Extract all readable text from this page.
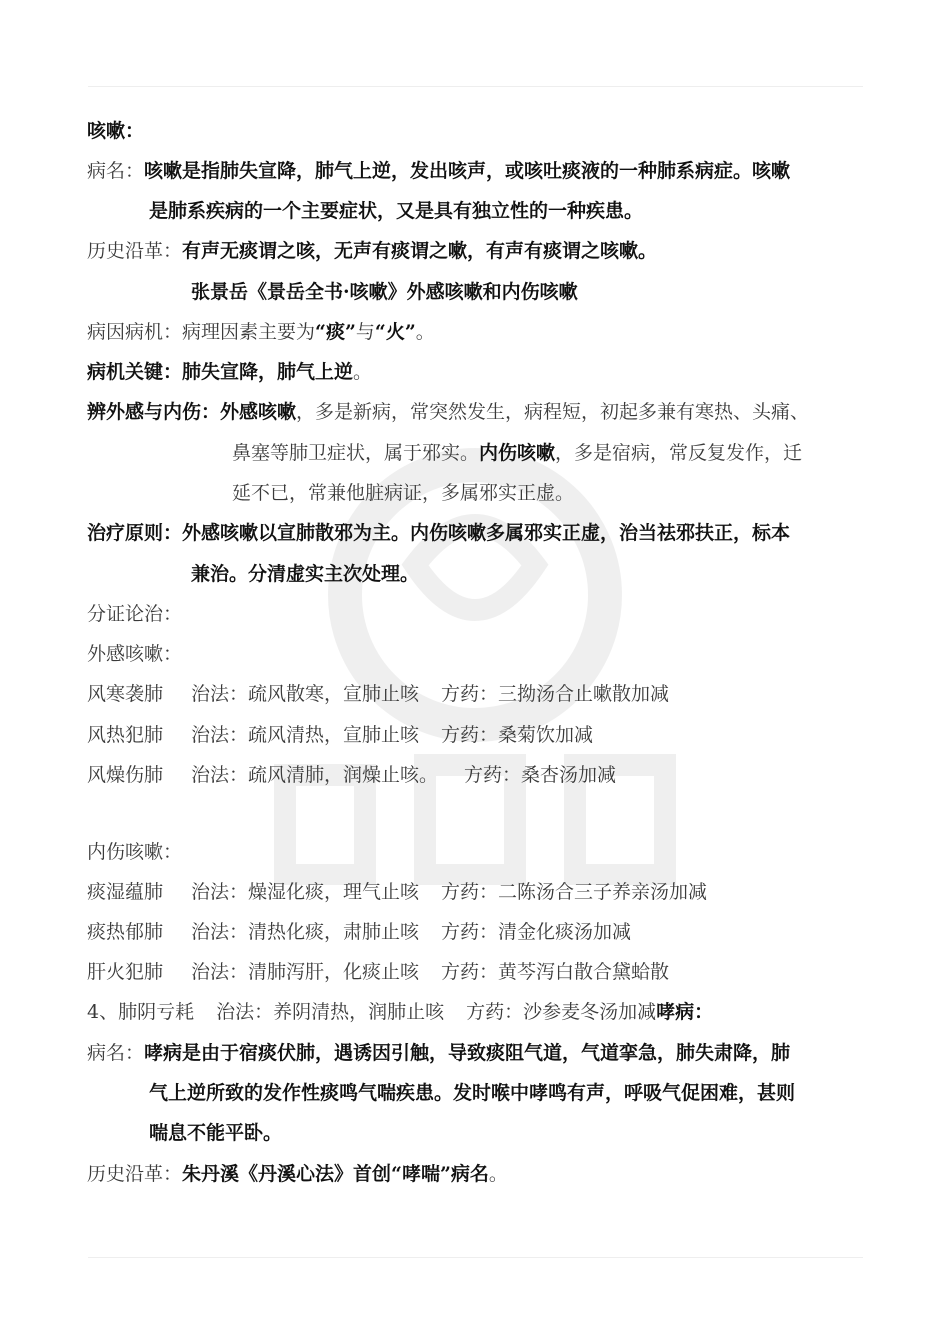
咳嗽：
病名：咳嗽是指肺失宣降，肺气上逆，发出咳声，或咳吐痰液的一种肺系病症。咳嗽
是肺系疾病的一个主要症状，又是具有独立性的一种疾患。
历史沿革：有声无痰谓之咳，无声有痰谓之嗽，有声有痰谓之咳嗽。
张景岳《景岳全书·咳嗽》外感咳嗽和内伤咳嗽
病因病机：病理因素主要为“痰”与“火”。
病机关键：肺失宣降，肺气上逆。
辨外感与内伤：外感咳嗽，多是新病，常突然发生，病程短，初起多兼有寒热、头痛、
鼻塞等肺卫症状，属于邪实。内伤咳嗽，多是宿病，常反复发作，迁
延不已，常兼他脏病证，多属邪实正虚。
治疗原则：外感咳嗽以宣肺散邪为主。内伤咳嗽多属邪实正虚，治当祛邪扶正，标本
兼治。分清虚实主次处理。
分证论治：
外感咳嗽：
风寒袭肺 治法：疏风散寒，宣肺止咳 方药：三拗汤合止嗽散加减
风热犯肺 治法：疏风清热，宣肺止咳 方药：桑菊饮加减
风燥伤肺 治法：疏风清肺，润燥止咳。 方药：桑杏汤加减
内伤咳嗽：
痰湿蕴肺 治法：燥湿化痰，理气止咳 方药：二陈汤合三子养亲汤加减
痰热郁肺 治法：清热化痰，肃肺止咳 方药：清金化痰汤加减
肝火犯肺 治法：清肺泻肝，化痰止咳 方药：黄芩泻白散合黛蛤散
4、肺阴亏耗 治法：养阴清热，润肺止咳 方药：沙参麦冬汤加减哮病：
病名：哮病是由于宿痰伏肺，遇诱因引触，导致痰阻气道，气道挛急，肺失肃降，肺
气上逆所致的发作性痰鸣气喘疾患。发时喉中哮鸣有声，呼吸气促困难，甚则
喘息不能平卧。
历史沿革：朱丹溪《丹溪心法》首创“哮喘”病名。
